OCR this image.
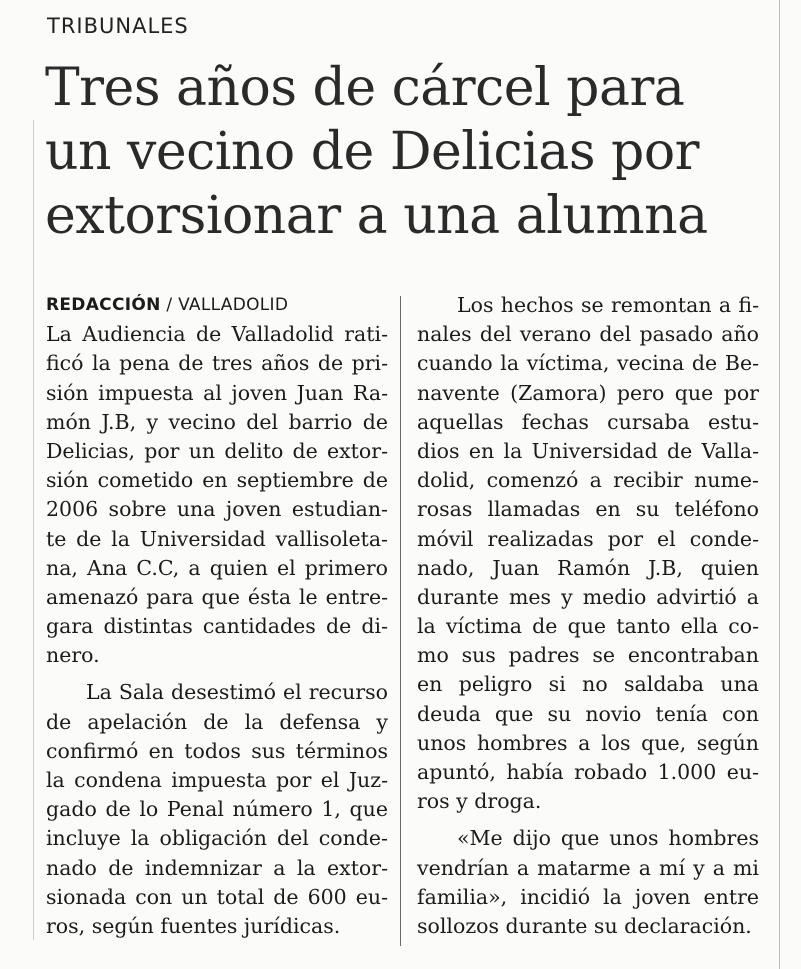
TRIBUNALES
Tres años de cárcel para
un vecino de Delicias por
extorsionar a una alumna
REDACCIÓN / VALLADOLID
La Audiencia de Valladolid rati-
ficó la pena de tres años de pri-
sión impuesta al joven Juan Ra-
món J.B, y vecino del barrio de
Delicias, por un delito de extor-
sión cometido en septiembre de
2006 sobre una joven estudian-
te de la Universidad vallisoleta-
na, Ana C.C, a quien el primero
amenazó para que ésta le entre-
gara distintas cantidades de di-
nero.
La Sala desestimó el recurso
de apelación de la defensa y
confirmó en todos sus términos
la condena impuesta por el Juz-
gado de lo Penal número 1, que
incluye la obligación del conde-
nado de indemnizar a la extor-
sionada con un total de 600 eu-
ros, según fuentes jurídicas.
Los hechos se remontan a fi-
nales del verano del pasado año
cuando la víctima, vecina de Be-
navente (Zamora) pero que por
aquellas fechas cursaba estu-
dios en la Universidad de Valla-
dolid, comenzó a recibir nume-
rosas llamadas en su teléfono
móvil realizadas por el conde-
nado, Juan Ramón J.B, quien
durante mes y medio advirtió a
la víctima de que tanto ella co-
mo sus padres se encontraban
en peligro si no saldaba una
deuda que su novio tenía con
unos hombres a los que, según
apuntó, había robado 1.000 eu-
ros y droga.
«Me dijo que unos hombres
vendrían a matarme a mí y a mi
familia», incidió la joven entre
sollozos durante su declaración.
